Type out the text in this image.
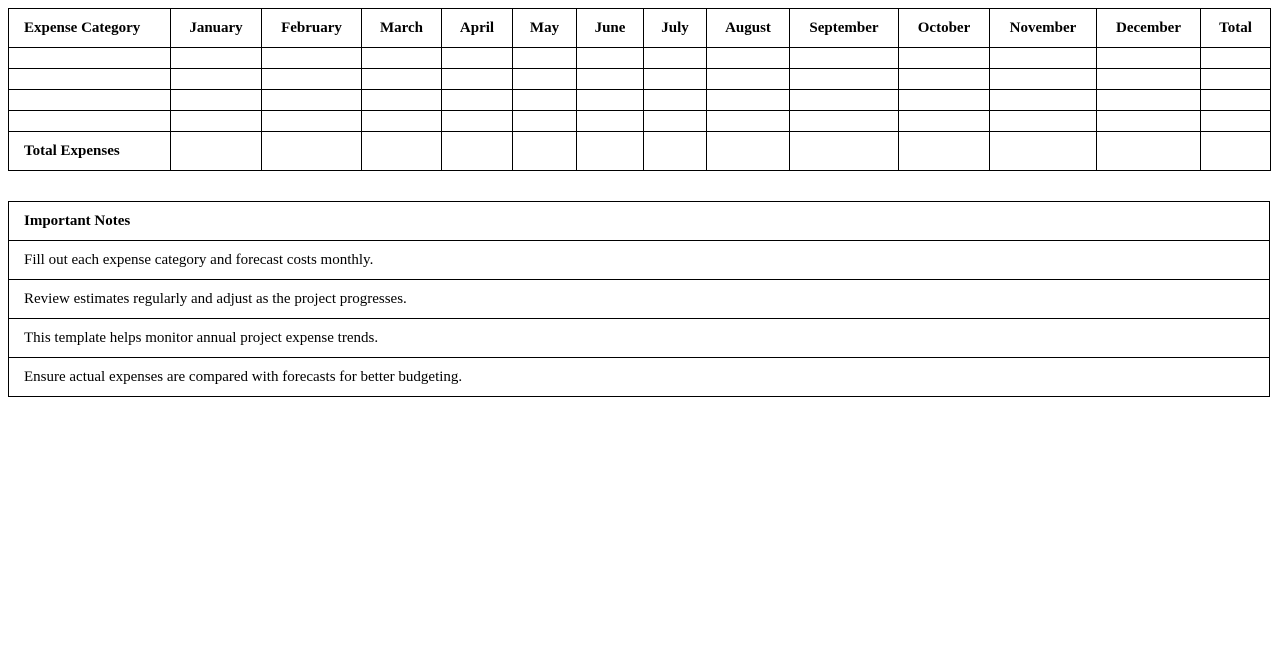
Expense Category	January	February	March	April	May	June	July	August	September	October	November	December	Total

Total Expenses													
Important Notes
Fill out each expense category and forecast costs monthly.
Review estimates regularly and adjust as the project progresses.
This template helps monitor annual project expense trends.
Ensure actual expenses are compared with forecasts for better budgeting.
